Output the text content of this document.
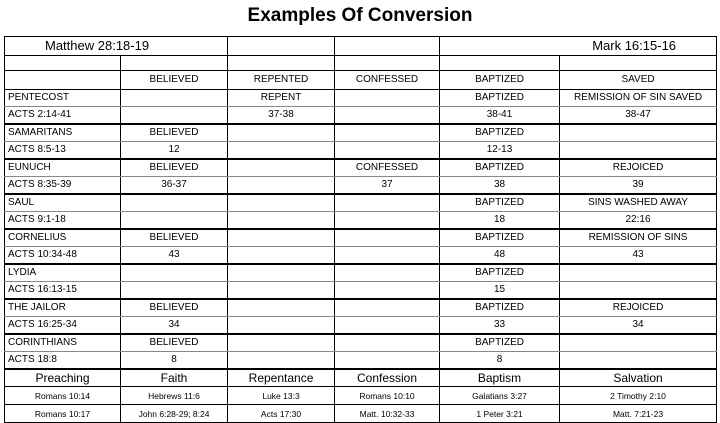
Examples Of Conversion
Matthew 28:18-19				Mark 16:15-16	

	BELIEVED	REPENTED	CONFESSED	BAPTIZED	SAVED
PENTECOST		REPENT		BAPTIZED	REMISSION OF SIN SAVED
ACTS 2:14-41		37-38		38-41	38-47
SAMARITANS	BELIEVED			BAPTIZED	
ACTS 8:5-13	12			12-13	
EUNUCH	BELIEVED		CONFESSED	BAPTIZED	REJOICED
ACTS 8:35-39	36-37		37	38	39
SAUL				BAPTIZED	SINS WASHED AWAY
ACTS 9:1-18				18	22:16
CORNELIUS	BELIEVED			BAPTIZED	REMISSION OF SINS
ACTS 10:34-48	43			48	43
LYDIA				BAPTIZED	
ACTS 16:13-15				15	
THE JAILOR	BELIEVED			BAPTIZED	REJOICED
ACTS 16:25-34	34			33	34
CORINTHIANS	BELIEVED			BAPTIZED	
ACTS 18:8	8			8	
Preaching	Faith	Repentance	Confession	Baptism	Salvation
Romans 10:14	Hebrews 11:6	Luke 13:3	Romans 10:10	Galatians 3:27	2 Timothy 2:10
Romans 10:17	John 6:28-29; 8:24	Acts 17:30	Matt. 10:32-33	1 Peter 3:21	Matt. 7:21-23
